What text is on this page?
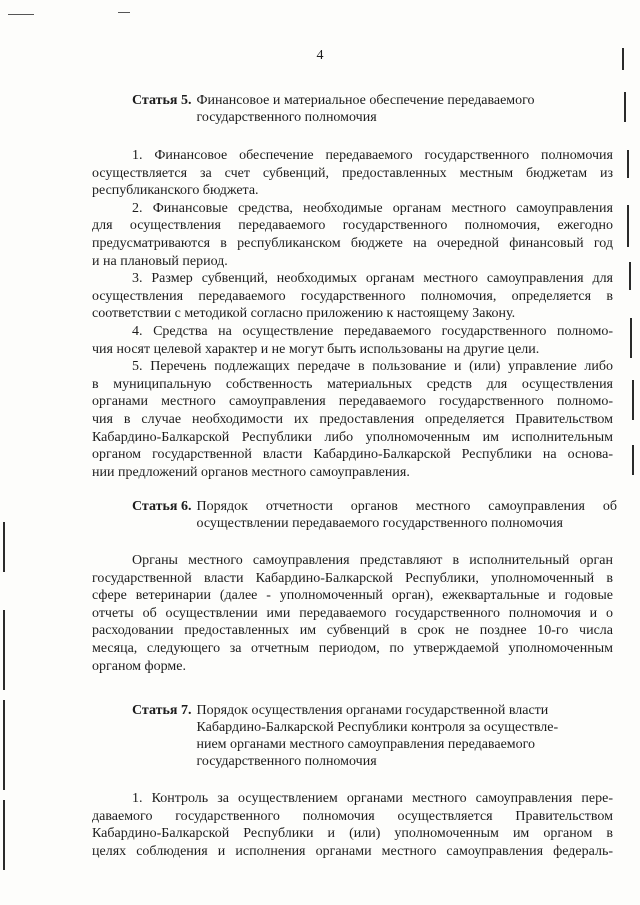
4
Статья 5. Финансовое и материальное обеспечение передаваемого
государственного полномочия

1. Финансовое обеспечение передаваемого государственного полномочия
осуществляется за счет субвенций, предоставленных местным бюджетам из
республиканского бюджета.

2. Финансовые средства, необходимые органам местного самоуправления
для осуществления передаваемого государственного полномочия, ежегодно
предусматриваются в республиканском бюджете на очередной финансовый год
и на плановый период.

3. Размер субвенций, необходимых органам местного самоуправления для
осуществления передаваемого государственного полномочия, определяется в
соответствии с методикой согласно приложению к настоящему Закону.

4. Средства на осуществление передаваемого государственного полномо-
чия носят целевой характер и не могут быть использованы на другие цели.

5. Перечень подлежащих передаче в пользование и (или) управление либо
в муниципальную собственность материальных средств для осуществления
органами местного самоуправления передаваемого государственного полномо-
чия в случае необходимости их предоставления определяется Правительством
Кабардино-Балкарской Республики либо уполномоченным им исполнительным
органом государственной власти Кабардино-Балкарской Республики на основа-
нии предложений органов местного самоуправления.

Статья 6. Порядок отчетности органов местного самоуправления об
осуществлении передаваемого государственного полномочия

Органы местного самоуправления представляют в исполнительный орган
государственной власти Кабардино-Балкарской Республики, уполномоченный в
сфере ветеринарии (далее - уполномоченный орган), ежеквартальные и годовые
отчеты об осуществлении ими передаваемого государственного полномочия и о
расходовании предоставленных им субвенций в срок не позднее 10-го числа
месяца, следующего за отчетным периодом, по утверждаемой уполномоченным
органом форме.

Статья 7. Порядок осуществления органами государственной власти
Кабардино-Балкарской Республики контроля за осуществле-
нием органами местного самоуправления передаваемого
государственного полномочия

1. Контроль за осуществлением органами местного самоуправления пере-
даваемого государственного полномочия осуществляется Правительством
Кабардино-Балкарской Республики и (или) уполномоченным им органом в
целях соблюдения и исполнения органами местного самоуправления федераль-
